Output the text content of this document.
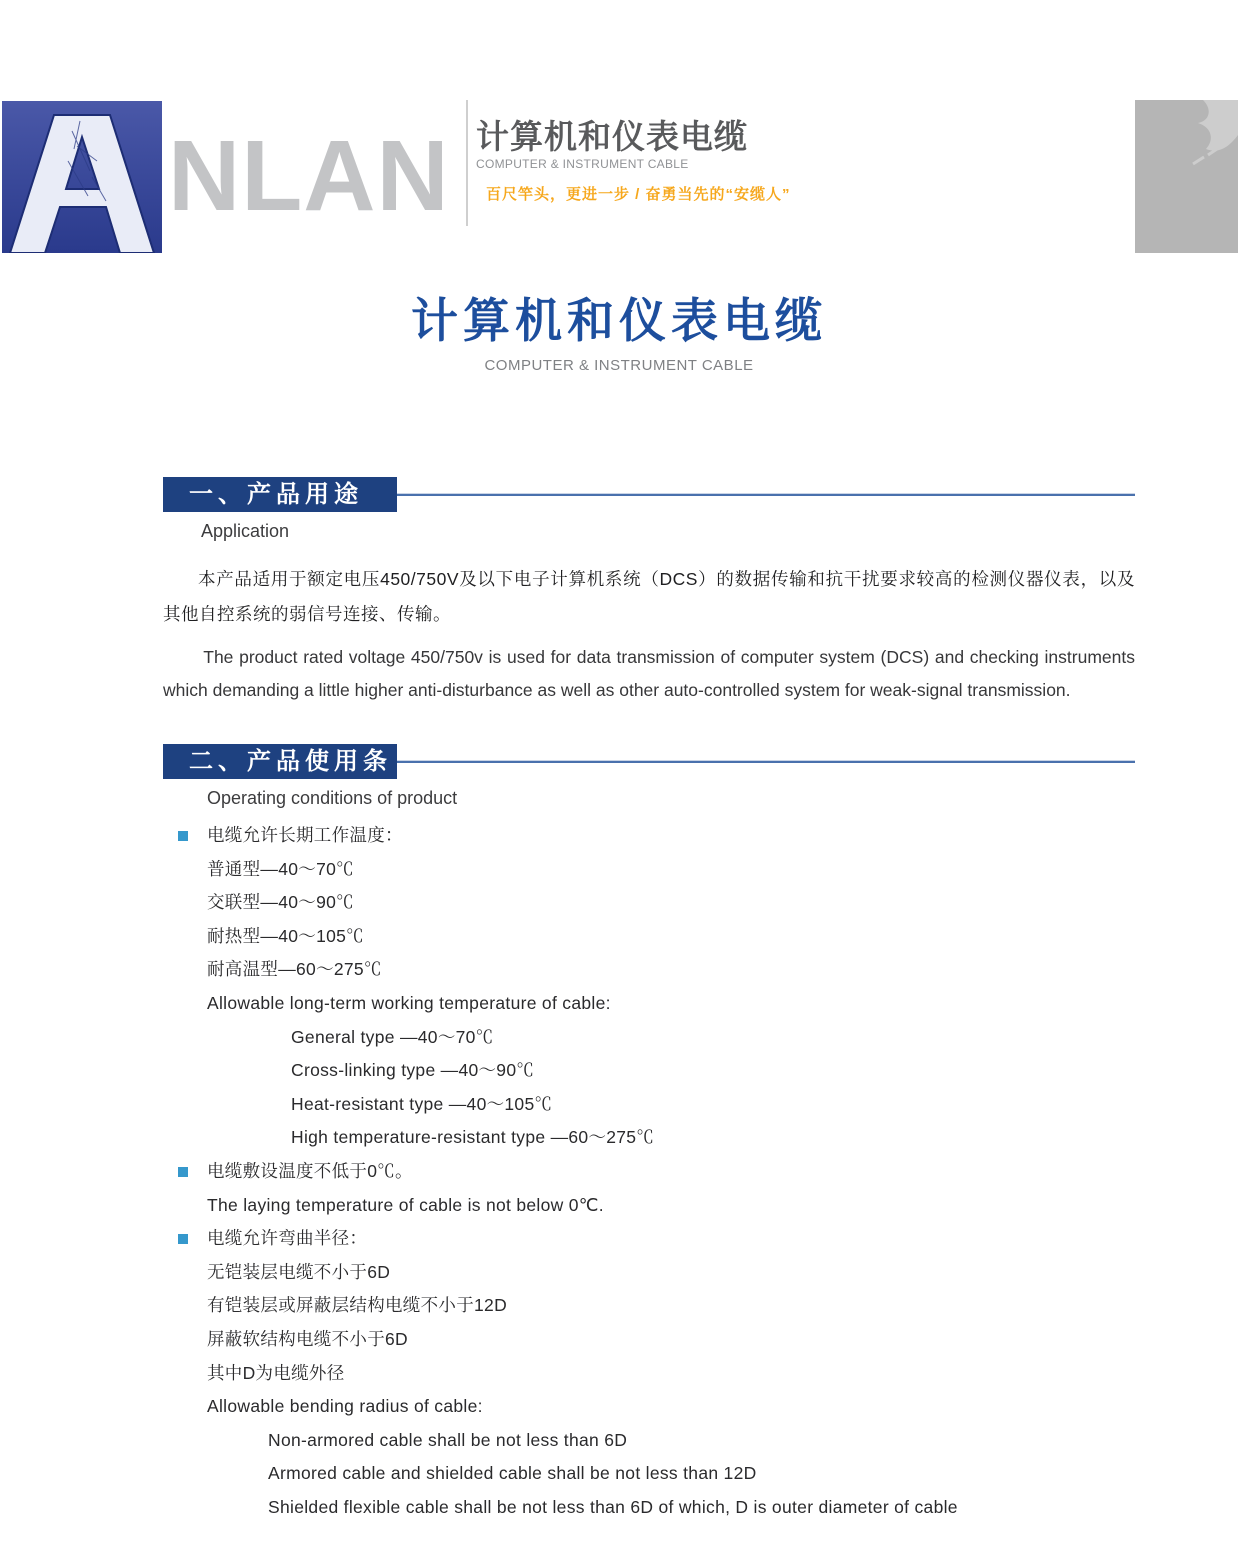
NLAN 计算机和仪表电缆
COMPUTER & INSTRUMENT CABLE
百尺竿头，更进一步 / 奋勇当先的“安缆人”
计算机和仪表电缆
COMPUTER & INSTRUMENT CABLE
一、产品用途
Application

本产品适用于额定电压450/750V及以下电子计算机系统（DCS）的数据传输和抗干扰要求较高的检测仪器仪表，以及其他自控系统的弱信号连接、传输。

The product rated voltage 450/750v is used for data transmission of computer system (DCS) and checking instruments which demanding a little higher anti-disturbance as well as other auto-controlled system for weak-signal transmission.

二、产品使用条件
Operating conditions of product
电缆允许长期工作温度：
普通型—40～70℃
交联型—40～90℃
耐热型—40～105℃
耐高温型—60～275℃
Allowable long-term working temperature of cable:
General type —40～70℃
Cross-linking type —40～90℃
Heat-resistant type —40～105℃
High temperature-resistant type —60～275℃
电缆敷设温度不低于0℃。
The laying temperature of cable is not below 0℃.
电缆允许弯曲半径：
无铠装层电缆不小于6D
有铠装层或屏蔽层结构电缆不小于12D
屏蔽软结构电缆不小于6D
其中D为电缆外径
Allowable bending radius of cable:
Non-armored cable shall be not less than 6D
Armored cable and shielded cable shall be not less than 12D
Shielded flexible cable shall be not less than 6D of which, D is outer diameter of cable
